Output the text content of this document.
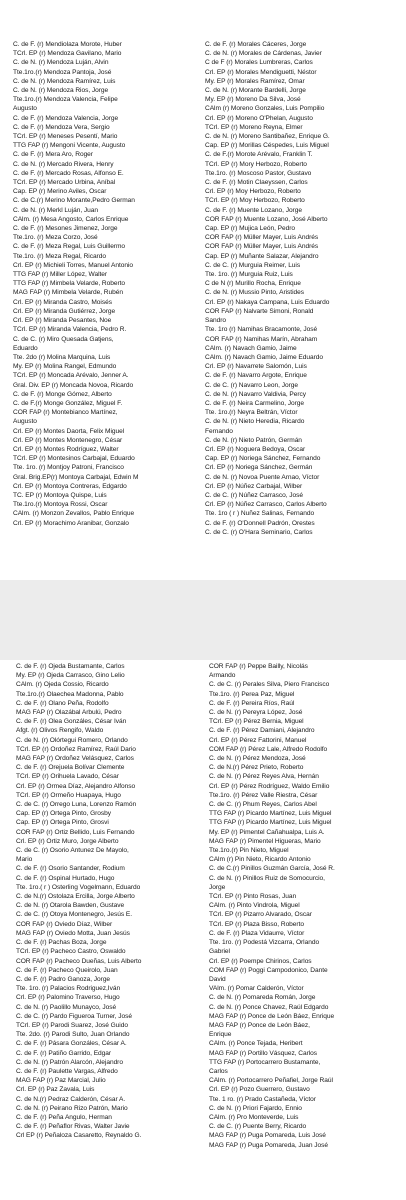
C. de F. (r) Mendiolaza Morote, Huber
TCrl. EP (r) Mendoza Gavilano, Mario
C. de N. (r) Mendoza Luján, Alvin
Tte.1ro.(r) Mendoza Pantoja, José
C. de N. (r) Mendoza Ramírez, Luis
C. de N. (r) Mendoza Rios, Jorge
Tte.1ro.(r) Mendoza Valencia, Felipe
Augusto
C. de F. (r) Mendoza Valencia, Jorge
C. de F. (r) Mendoza Vera, Sergio
TCrl. EP (r) Meneses Pesentí, Mario
TTG FAP (r) Mengoni Vicente, Augusto
C. de F. (r) Mera Aro, Roger
C. de N. (r) Mercado Rivera, Henry
C. de F. (r) Mercado Rosas, Alfonso E.
TCrl. EP (r) Mercado Urbina, Aníbal
Cap. EP (r) Merino Aviles, Oscar
C. de C.(r) Merino Morante,Pedro German
C. de N. (r) Merkl Luján, Juan
CAlm. (r) Mesa Angosto, Carlos Enrique
C. de F. (r) Mesones Jimenez, Jorge
Tte.1ro. (r) Meza Corzo, José
C. de F. (r) Meza Regal, Luis Guillermo
Tte.1ro. (r) Meza Regal, Ricardo
Crl. EP (r) Michieli Torres, Manuel Antonio
TTG FAP (r) Miller López, Walter
TTG FAP (r) Mimbela Velarde, Roberto
MAG FAP (r) Mimbela Velarde, Rubén
Crl. EP (r) Miranda Castro, Moisés
Crl. EP (r) Miranda Gutiérrez, Jorge
Crl. EP (r) Miranda Pesantes, Noe
TCrl. EP (r) Miranda Valencia, Pedro R.
C. de C. (r) Miro Quesada Gatjens,
Eduardo
Tte. 2do (r) Molina Marquina, Luis
My. EP (r) Molina Rangel, Edmundo
TCrl. EP (r) Moncada Arévalo, Jenner A.
Gral. Div. EP (r) Moncada Novoa, Ricardo
C. de F. (r) Monge Gómez, Alberto
C. de F.(r) Monge González, Miguel F.
COR FAP (r) Montebianco Martínez,
Augusto
Crl. EP (r) Montes Daorta, Felix Miguel
Crl. EP (r) Montes Montenegro, César
Crl. EP (r) Montes Rodríguez, Walter
TCrl. EP (r) Montesinos Carbajal, Eduardo
Tte. 1ro. (r) Montjoy Patroni, Francisco
Gral. Brig.EP(r) Montoya Carbajal, Edwin M
Crl. EP (r) Montoya Contreras, Edgardo
TC. EP (r) Montoya Quispe, Luis
Tte.1ro.(r) Montoya Rossi, Oscar
CAlm. (r) Monzon Zevallos, Pablo Enrique
Crl. EP (r) Morachimo Aranibar, Gonzalo
C. de F. (r) Morales Cáceres, Jorge
C. de N. (r) Morales de Cárdenas, Javier
C de F (r) Morales Lumbreras, Carlos
Crl. EP (r) Morales Mendiguetti, Néstor
My. EP (r) Morales Ramírez, Omar
C. de N. (r) Morante Bardelli, Jorge
My. EP (r) Moreno Da Silva, José
CAlm (r) Moreno Gonzales, Luis Pompilio
Crl. EP (r) Moreno O'Phelan, Augusto
TCrl. EP (r) Moreno Reyna, Elmer
C. de N. (r) Moreno Santibañez, Enrique G.
Cap. EP (r) Morillas Céspedes, Luis Miguel
C. de F.(r) Morote Arévalo, Franklin T.
TCrl. EP (r) Mory Herbozo, Roberto
Tte.1ro. (r) Moscoso Pastor, Gustavo
C. de F. (r) Motin Claeyssen, Carlos
Crl. EP (r) Moy Herbozo, Roberto
TCrl. EP (r) Moy Herbozo, Roberto
C. de F. (r) Muente Lozano, Jorge
COR FAP (r) Muente Lozano, José Alberto
Cap. EP (r) Mujica León, Pedro
COR FAP (r) Müller Mayer, Luis Andrés
COR FAP (r) Müller Mayer, Luis Andrés
Cap. EP (r) Muñante Salazar, Alejandro
C. de C. (r) Murguia Reimer, Luis
Tte. 1ro. (r) Murguia Ruiz, Luis
C de N (r) Murillo Rocha, Enrique
C. de N. (r) Mussio Pinto, Aristides
Crl. EP (r) Nakaya Campana, Luis Eduardo
COR FAP (r) Nalvarte Simoni, Ronald
Sandro
Tte. 1ro (r) Namihas Bracamonte, José
COR FAP (r) Namihas Marín, Abraham
CAlm. (r) Navach Gamio, Jaime
CAlm. (r) Navach Gamio, Jaime Eduardo
Crl. EP (r) Navarrete Salomón, Luis
C. de F. (r) Navarro Argote, Enrique
C. de C. (r) Navarro Leon, Jorge
C. de N. (r) Navarro Valdivia, Percy
C. de F. (r) Neira Carmelino, Jorge
Tte. 1ro.(r) Neyra Beltrán, Víctor
C. de N. (r) Nieto Heredia, Ricardo
Fernando
C. de N. (r) Nieto Patrón, Germán
Crl. EP (r) Noguera Bedoya, Oscar
Cap. EP (r) Noriega Sánchez, Fernando
Crl. EP (r) Noriega Sánchez, Germán
C. de N. (r) Novoa Puente Arnao, Víctor
Crl. EP (r) Núñez Carbajal, Wilber
C. de C. (r) Núñez Carrasco, José
Crl. EP (r) Núñez Carrasco, Carlos Alberto
Tte. 1ro ( r ) Nuñez Salinas, Fernando
C. de F. (r) O'Donnell Padrón, Orestes
C. de C. (r) O'Hara Seminario, Carlos
C. de F. (r) Ojeda Bustamante, Carlos
My. EP (r) Ojeda Carrasco, Gino Lelio
CAlm. (r) Ojeda Cossio, Ricardo
Tte.1ro.(r) Olaechea Madonna, Pablo
C. de F. (r) Olano Peña, Rodolfo
MAG FAP (r) Olazábal Arbulú, Pedro
C. de F. (r) Olea Gonzáles, César Iván
Afgt. (r) Olivos Rengifo, Waldo
C. de N. (r) Olórtegui Romero, Orlando
TCrl. EP (r) Ordoñez Ramírez, Raúl Dario
MAG FAP (r) Ordoñez Velásquez, Carlos
C. de F. (r) Orejuela Bolívar Clemente
TCrl. EP (r) Orihuela Lavado, César
Crl. EP (r) Ormea Díaz, Alejandro Alfonso
TCrl. EP (r) Ormeño Huapaya, Hugo
C. de C. (r) Orrego Luna, Lorenzo Ramón
Cap. EP (r) Ortega Pinto, Grosby
Cap. EP (r) Ortega Pinto, Grosvi
COR FAP (r) Ortiz Bellido, Luis Fernando
Crl. EP (r) Ortiz Muro, Jorge Alberto
C. de C. (r) Osorio Antunez De Mayolo,
Mario
C. de F. (r) Osorio Santander, Rodium
C. de F. (r) Ospinal Hurtado, Hugo
Tte. 1ro.( r ) Osterling Vogelmann, Eduardo
C. de N.(r) Ostolaza Ercilla, Jorge Alberto
C. de N. (r) Otarola Bawden, Gustave
C. de C. (r) Otoya Montenegro, Jesús E.
COR FAP (r) Oviedo Díaz, Wilber
MAG FAP (r) Oviedo Motta, Juan Jesús
C. de F. (r) Pachas Boza, Jorge
TCrl. EP (r) Pacheco Castro, Oswaldo
COR FAP (r) Pacheco Dueñas, Luis Alberto
C. de F. (r) Pacheco Queirolo, Juan
C. de F. (r) Padro Ganoza, Jorge
Tte. 1ro. (r) Palacios Rodriguez,Iván
Crl. EP (r) Palomino Traverso, Hugo
C. de N. (r) Paolillo Munayco, José
C. de C. (r) Pardo Figueroa Turner, José
TCrl. EP (r) Parodi Suarez, José Guido
Tte. 2do. (r) Parodi Sulto, Juan Orlando
C. de F. (r) Pásara Gonzáles, César A.
C. de F. (r) Patiño Garrido, Edgar
C. de N. (r) Patrón Alarcón, Alejandro
C. de F. (r) Paulette Vargas, Alfredo
MAG FAP (r) Paz Marcial, Julio
Crl. EP (r) Paz Zavala, Luis
C. de N.(r) Pedraz Calderón, César A.
C. de N. (r) Peirano Rizo Patrón, Mario
C. de F. (r) Peña Angulo, Herman
C. de F. (r) Peñaflor Rivas, Walter Javie
Crl EP (r) Peñaloza Casaretto, Reynaldo G.
COR FAP (r) Peppe Bailly, Nicolás
Armando
C. de C. (r) Perales Silva, Piero Francisco
Tte.1ro. (r) Perea Paz, Miguel
C. de F. (r) Pereira Ríos, Raúl
C. de N. (r) Pereyra López, José
TCrl. EP (r) Pérez Bernia, Miguel
C. de F. (r) Pérez Damiani, Alejandro
Crl. EP (r) Pérez Fattorini, Manuel
COM FAP (r) Pérez Lale, Alfredo Rodolfo
C. de N. (r) Pérez Mendoza, José
C. de N.(r) Pérez Prieto, Roberto
C. de N. (r) Pérez Reyes Alva, Hernán
Crl. EP (r) Pérez Rodríguez, Waldo Emilio
Tte.1ro. (r) Pérez Valle Riestra, César
C. de C. (r) Phum Reyes, Carlos Abel
TTG FAP (r) Picardo Martínez, Luis Miguel
TTG FAP (r) Picardo Martínez, Luis Miguel
My. EP (r) Pimentel Cañahualpa, Luis A.
MAG FAP (r) Pimentel Higueras, Mario
Tte.1ro.(r) Pin Nieto, Miguel
CAlm (r) Pin Nieto, Ricardo Antonio
C. de C.(r) Pinillos Guzmán García, José R.
C. de N. (r) Pinillos Ruiz de Somocurcio,
Jorge
TCrl. EP (r) Pinto Rosas, Juan
CAlm. (r) Pinto Vindrola, Miguel
TCrl. EP (r) Pizarro Alvarado, Oscar
TCrl. EP (r) Plaza Bisso, Roberto
C. de F. (r) Plaza Vidaurre, Víctor
Tte. 1ro. (r) Podestá Vizcarra, Orlando
Gabriel
Crl. EP (r) Poempe Chirinos, Carlos
COM FAP (r) Poggi Campodonico, Dante
David
VAlm. (r) Pomar Calderón, Víctor
C. de N. (r) Pomareda Román, Jorge
C. de N. (r) Ponce Chavez, Raúl Edgardo
MAG FAP (r) Ponce de León Báez, Enrique
MAG FAP (r) Ponce de León Báez,
Enrique
CAlm. (r) Ponce Tejada, Heribert
MAG FAP (r) Portillo Vásquez, Carlos
TTG FAP (r) Portocarrero Bustamante,
Carlos
CAlm. (r) Portocarrero Peñafiel, Jorge Raúl
Crl. EP (r) Pozo Guerrero, Gustavo
Tte. 1 ro. (r) Prado Castañeda, Víctor
C. de N. (r) Priori Fajardo, Ennio
CAlm. (r) Pro Monteverde, Luis
C. de C. (r) Puente Berry, Ricardo
MAG FAP (r) Puga Pomareda, Luis José
MAG FAP (r) Puga Pomareda, Juan José
